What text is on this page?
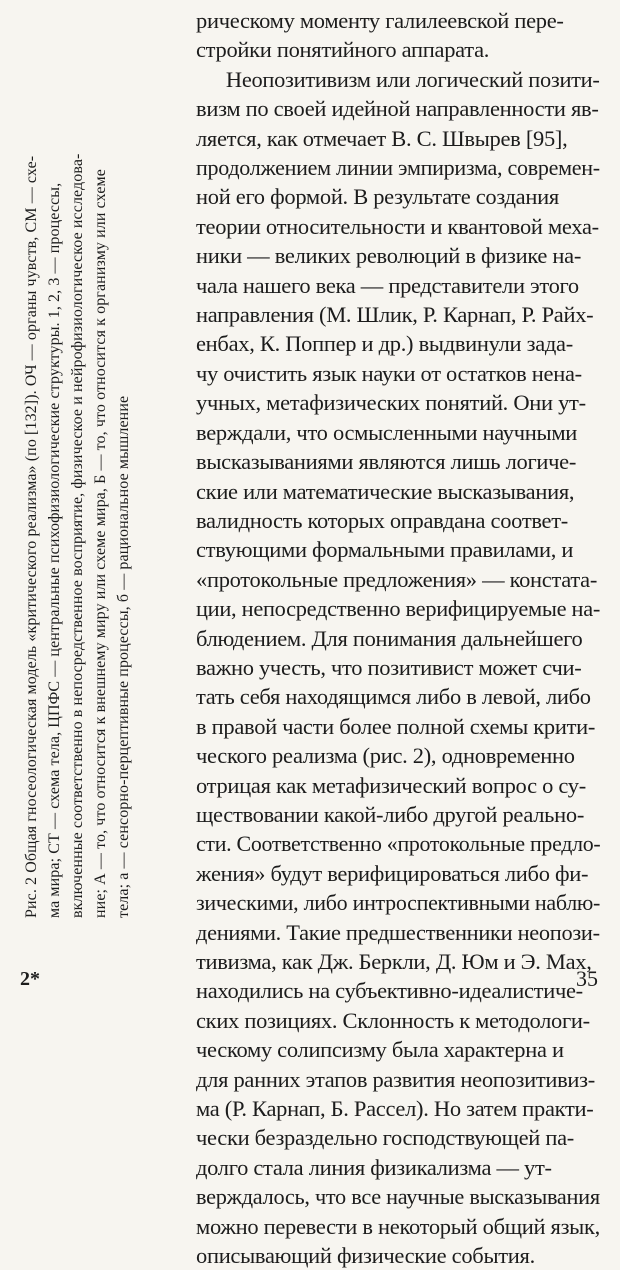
Рис. 2 Общая гносеологическая модель «критического реализма» (по [132]). ОЧ — органы чувств, СМ — схе- ма мира; СТ — схема тела, ЦПФС — центральные психофизиологические структуры. 1, 2, 3 — процессы, включенные соответственно в непосредственное восприятие, физическое и нейрофизиологическое исследова- ние; А — то, что относится к внешнему миру или схеме мира, Б — то, что относится к организму или схеме тела; а — сенсорно-перцептивные процессы, б — рациональное мышление
рическому моменту галилеевской пере-
стройки понятийного аппарата.
Неопозитивизм или логический позити-
визм по своей идейной направленности яв-
ляется, как отмечает В. С. Швырев [95],
продолжением линии эмпиризма, современ-
ной его формой. В результате создания
теории относительности и квантовой меха-
ники — великих революций в физике на-
чала нашего века — представители этого
направления (М. Шлик, Р. Карнап, Р. Райх-
енбах, К. Поппер и др.) выдвинули зада-
чу очистить язык науки от остатков нена-
учных, метафизических понятий. Они ут-
верждали, что осмысленными научными
высказываниями являются лишь логиче-
ские или математические высказывания,
валидность которых оправдана соответ-
ствующими формальными правилами, и
«протокольные предложения» — констата-
ции, непосредственно верифицируемые на-
блюдением. Для понимания дальнейшего
важно учесть, что позитивист может счи-
тать себя находящимся либо в левой, либо
в правой части более полной схемы крити-
ческого реализма (рис. 2), одновременно
отрицая как метафизический вопрос о су-
ществовании какой-либо другой реально-
сти. Соответственно «протокольные предло-
жения» будут верифицироваться либо фи-
зическими, либо интроспективными наблю-
дениями. Такие предшественники неопози-
тивизма, как Дж. Беркли, Д. Юм и Э. Мах,
находились на субъективно-идеалистиче-
ских позициях. Склонность к методологи-
ческому солипсизму была характерна и
для ранних этапов развития неопозитивиз-
ма (Р. Карнап, Б. Рассел). Но затем практи-
чески безраздельно господствующей па-
долго стала линия физикализма — ут-
верждалось, что все научные высказывания
можно перевести в некоторый общий язык,
описывающий физические события.
2*	35
